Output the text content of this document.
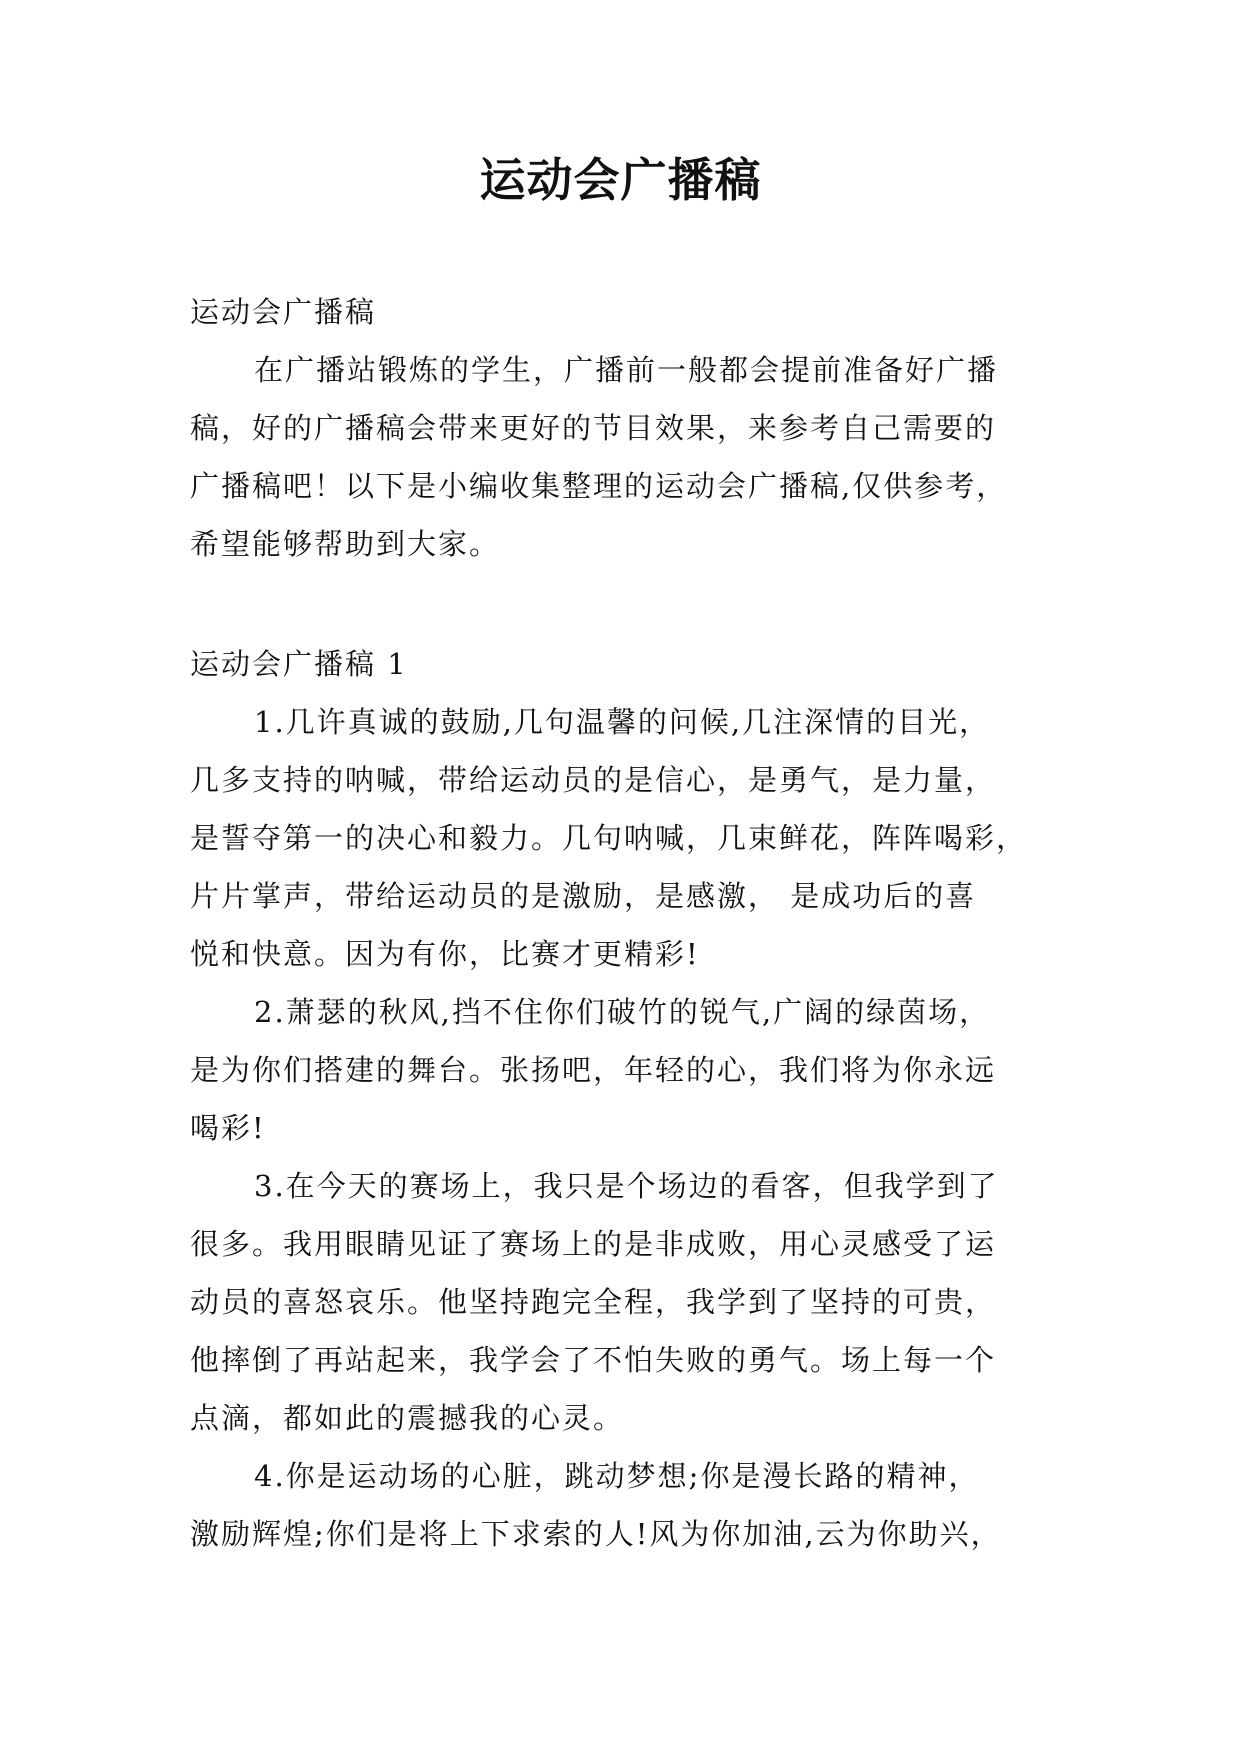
运动会广播稿

运动会广播稿

在广播站锻炼的学生，广播前一般都会提前准备好广播

稿，好的广播稿会带来更好的节目效果，来参考自己需要的

广播稿吧！以下是小编收集整理的运动会广播稿,仅供参考，

希望能够帮助到大家。

运动会广播稿 1

1.几许真诚的鼓励,几句温馨的问候,几注深情的目光，

几多支持的呐喊，带给运动员的是信心，是勇气，是力量，

是誓夺第一的决心和毅力。几句呐喊，几束鲜花，阵阵喝彩，

片片掌声，带给运动员的是激励，是感激， 是成功后的喜

悦和快意。因为有你，比赛才更精彩!

2.萧瑟的秋风,挡不住你们破竹的锐气,广阔的绿茵场，

是为你们搭建的舞台。张扬吧，年轻的心，我们将为你永远

喝彩!

3.在今天的赛场上，我只是个场边的看客，但我学到了

很多。我用眼睛见证了赛场上的是非成败，用心灵感受了运

动员的喜怒哀乐。他坚持跑完全程，我学到了坚持的可贵，

他摔倒了再站起来，我学会了不怕失败的勇气。场上每一个

点滴，都如此的震撼我的心灵。

4.你是运动场的心脏，跳动梦想;你是漫长路的精神，

激励辉煌;你们是将上下求索的人!风为你加油,云为你助兴，
